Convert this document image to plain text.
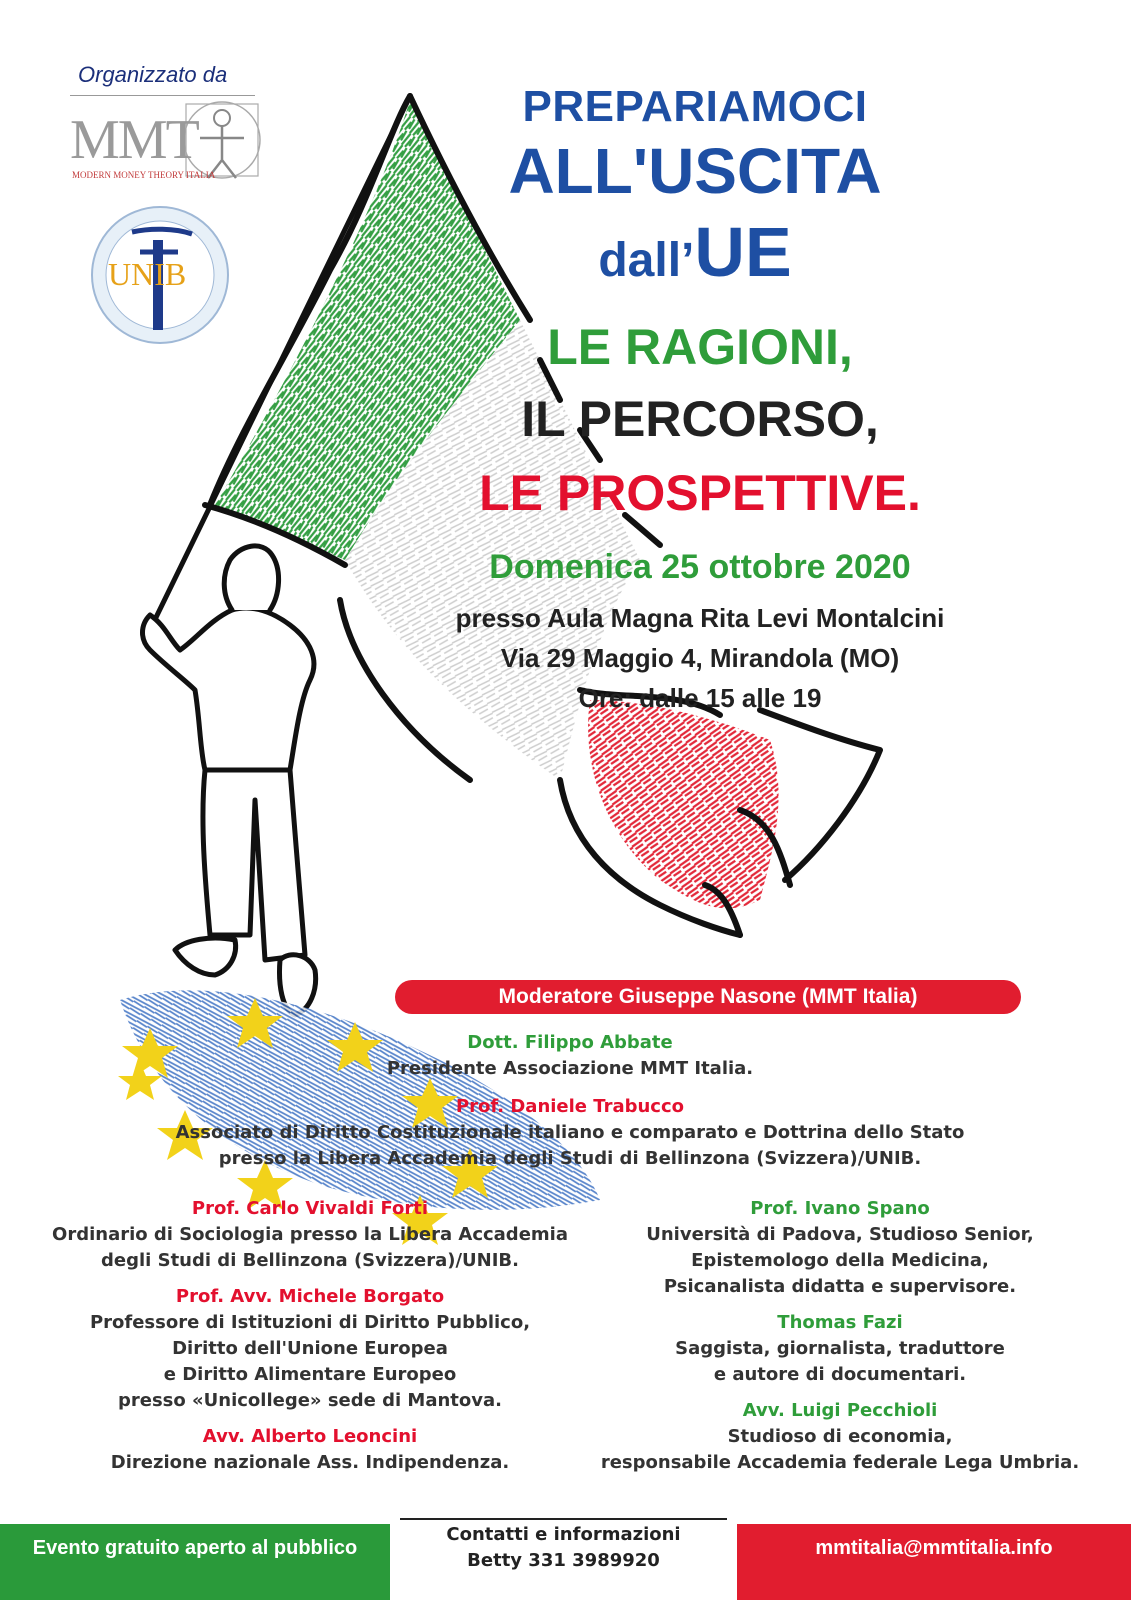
Organizzato da
MMT
MODERN MONEY THEORY ITALIA
UNIB
PREPARIAMOCI
ALL'USCITA
dall’UE
LE RAGIONI,
IL PERCORSO,
LE PROSPETTIVE.
Domenica 25 ottobre 2020
presso Aula Magna Rita Levi Montalcini
Via 29 Maggio 4, Mirandola (MO)
Ore: dalle 15 alle 19
Moderatore Giuseppe Nasone (MMT Italia)
Dott. Filippo Abbate
Presidente Associazione MMT Italia.
Prof. Daniele Trabucco
Associato di Diritto Costituzionale italiano e comparato e Dottrina dello Stato
presso la Libera Accademia degli Studi di Bellinzona (Svizzera)/UNIB.
Prof. Carlo Vivaldi Forti
Ordinario di Sociologia presso la Libera Accademia
degli Studi di Bellinzona (Svizzera)/UNIB.
Prof. Avv. Michele Borgato
Professore di Istituzioni di Diritto Pubblico,
Diritto dell'Unione Europea
e Diritto Alimentare Europeo
presso «Unicollege» sede di Mantova.
Avv. Alberto Leoncini
Direzione nazionale Ass. Indipendenza.
Prof. Ivano Spano
Università di Padova, Studioso Senior,
Epistemologo della Medicina,
Psicanalista didatta e supervisore.
Thomas Fazi
Saggista, giornalista, traduttore
e autore di documentari.
Avv. Luigi Pecchioli
Studioso di economia,
responsabile Accademia federale Lega Umbria.
Evento gratuito aperto al pubblico
Contatti e informazioni
Betty 331 3989920
mmtitalia@mmtitalia.info
